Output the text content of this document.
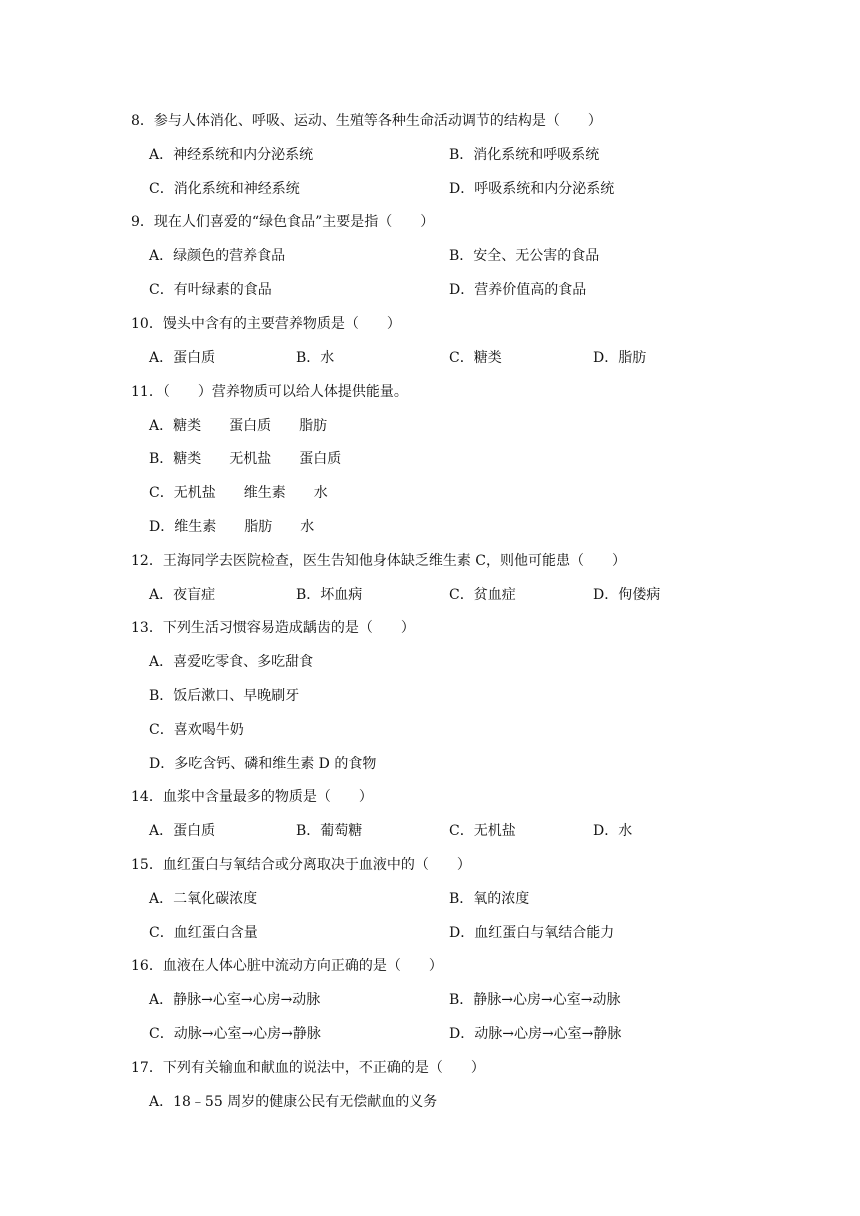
8．参与人体消化、呼吸、运动、生殖等各种生命活动调节的结构是（　　）
A．神经系统和内分泌系统	B．消化系统和呼吸系统
C．消化系统和神经系统	D．呼吸系统和内分泌系统
9．现在人们喜爱的“绿色食品”主要是指（　　）
A．绿颜色的营养食品	B．安全、无公害的食品
C．有叶绿素的食品	D．营养价值高的食品
10．馒头中含有的主要营养物质是（　　）
A．蛋白质	B．水	C．糖类	D．脂肪
11．（　　）营养物质可以给人体提供能量。
A．糖类　　蛋白质　　脂肪
B．糖类　　无机盐　　蛋白质
C．无机盐　　维生素　　水
D．维生素　　脂肪　　水
12．王海同学去医院检查，医生告知他身体缺乏维生素 C，则他可能患（　　）
A．夜盲症	B．坏血病	C．贫血症	D．佝偻病
13．下列生活习惯容易造成龋齿的是（　　）
A．喜爱吃零食、多吃甜食
B．饭后漱口、早晚刷牙
C．喜欢喝牛奶
D．多吃含钙、磷和维生素 D 的食物
14．血浆中含量最多的物质是（　　）
A．蛋白质	B．葡萄糖	C．无机盐	D．水
15．血红蛋白与氧结合或分离取决于血液中的（　　）
A．二氧化碳浓度	B．氧的浓度
C．血红蛋白含量	D．血红蛋白与氧结合能力
16．血液在人体心脏中流动方向正确的是（　　）
A．静脉→心室→心房→动脉	B．静脉→心房→心室→动脉
C．动脉→心室→心房→静脉	D．动脉→心房→心室→静脉
17．下列有关输血和献血的说法中，不正确的是（　　）
A．18﹣55 周岁的健康公民有无偿献血的义务
